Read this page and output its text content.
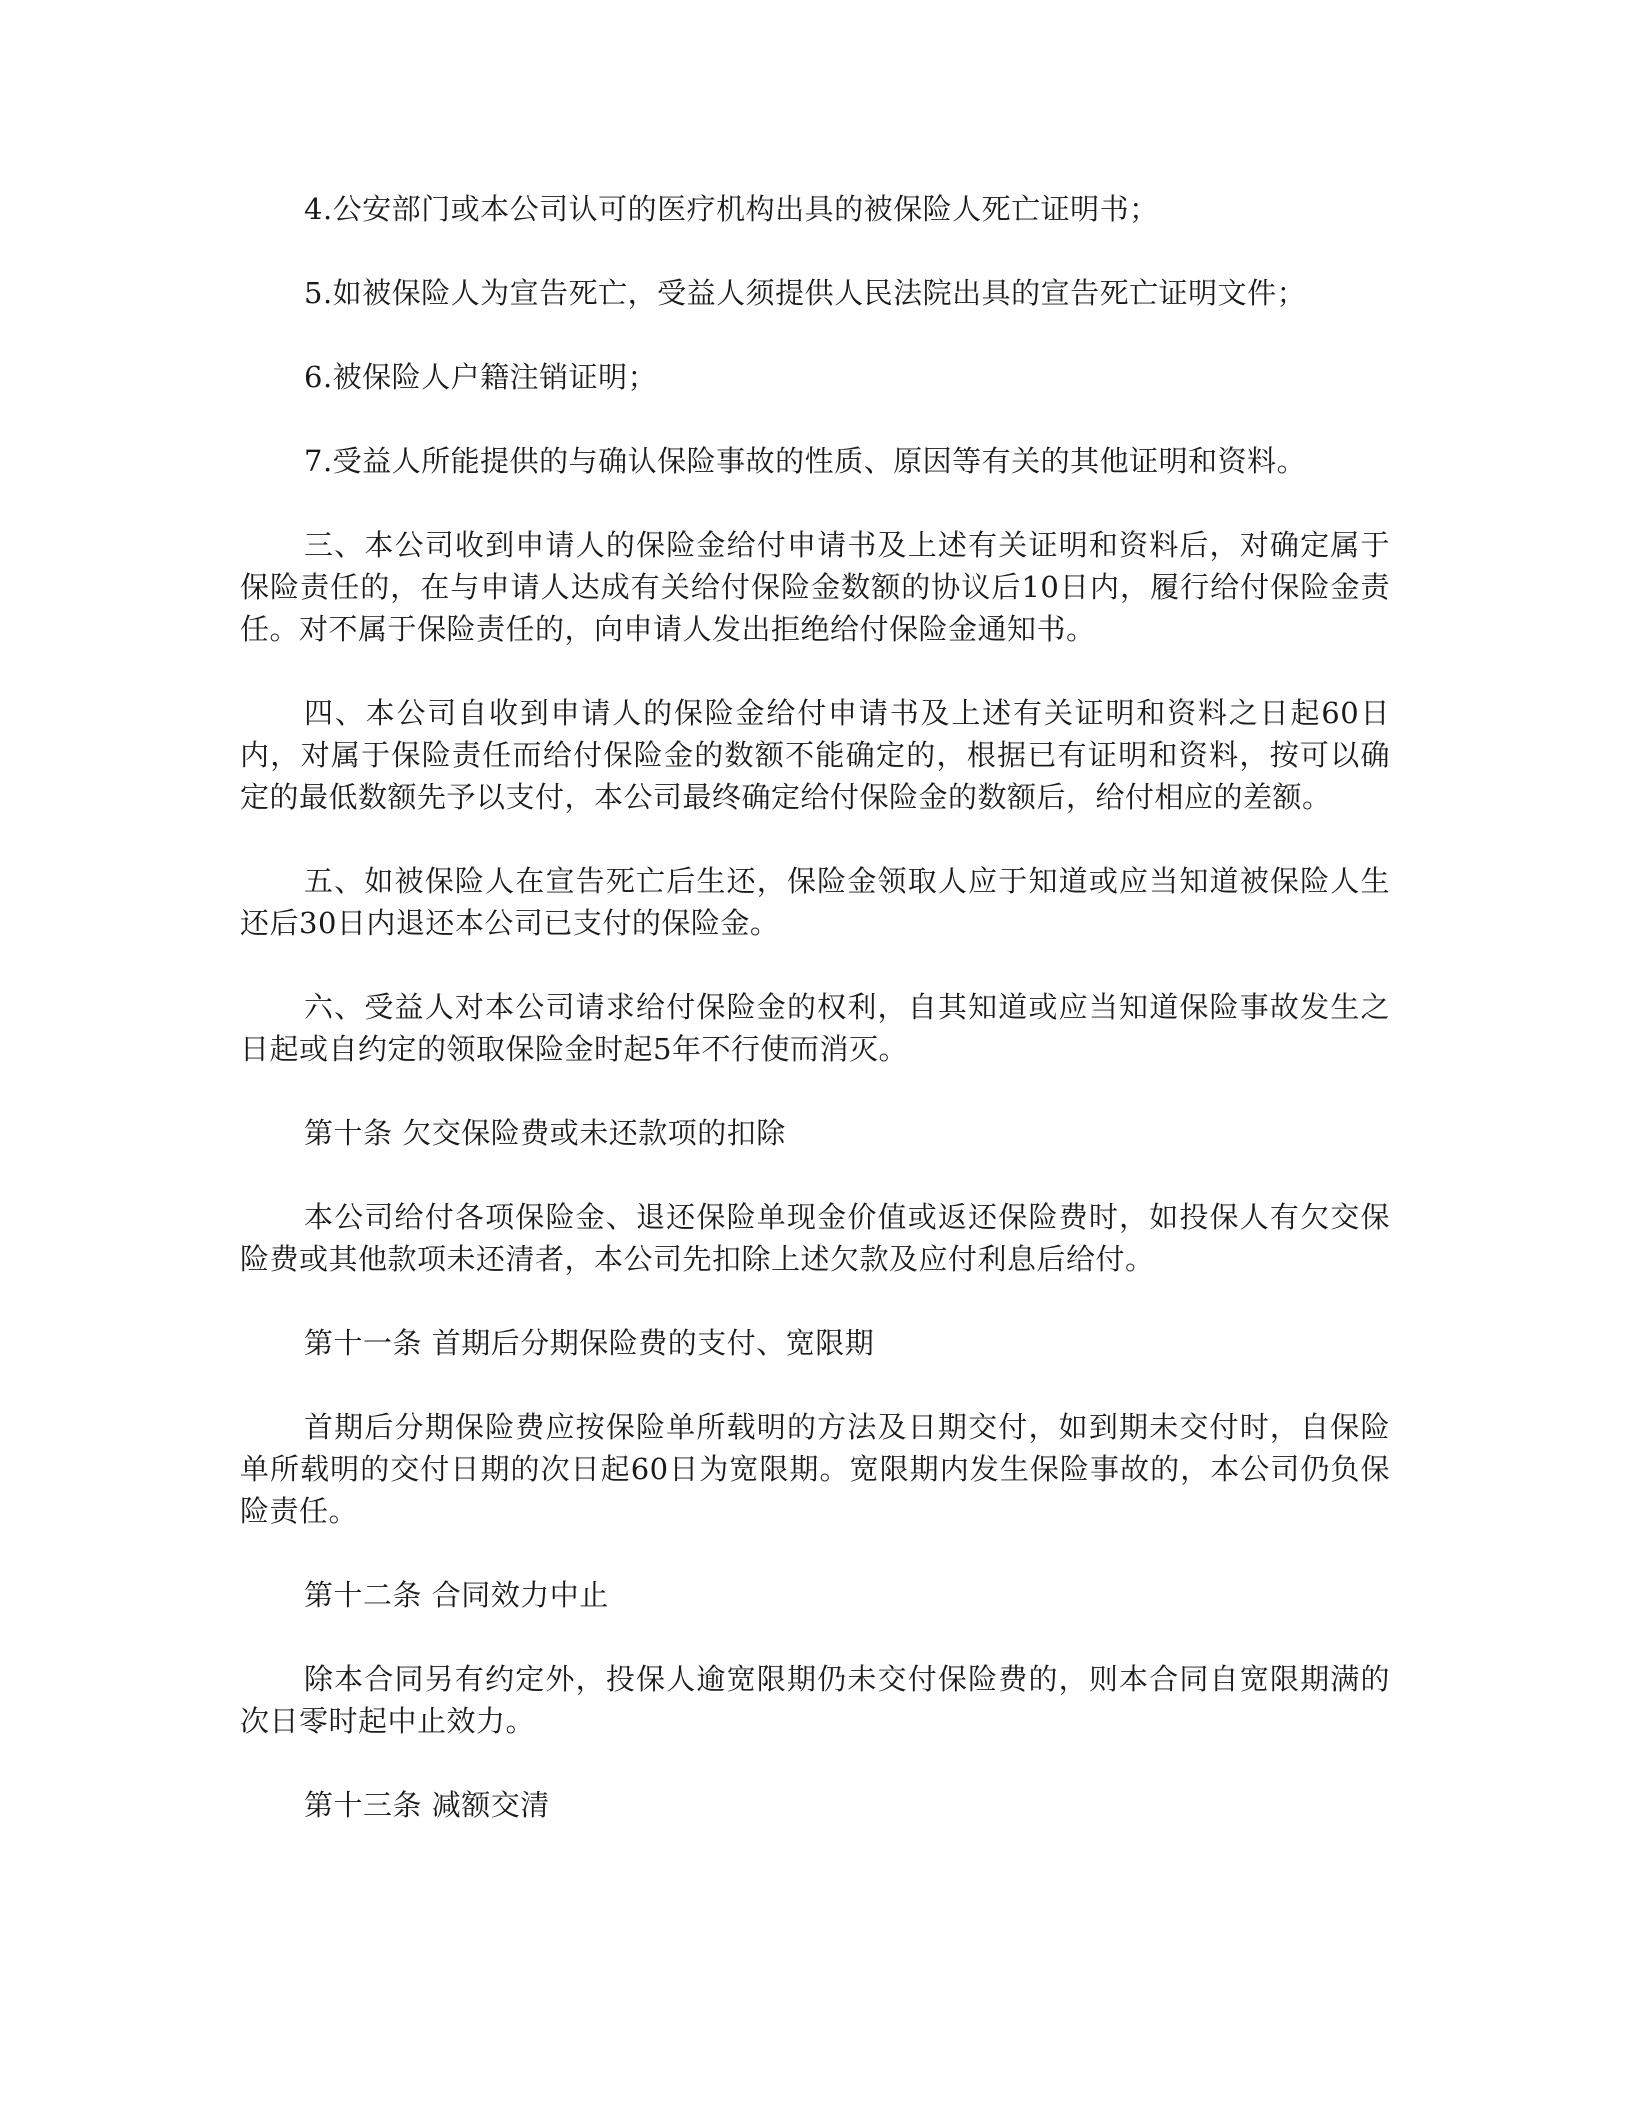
4.公安部门或本公司认可的医疗机构出具的被保险人死亡证明书；

5.如被保险人为宣告死亡，受益人须提供人民法院出具的宣告死亡证明文件；

6.被保险人户籍注销证明；

7.受益人所能提供的与确认保险事故的性质、原因等有关的其他证明和资料。

三、本公司收到申请人的保险金给付申请书及上述有关证明和资料后，对确定属于保险责任的，在与申请人达成有关给付保险金数额的协议后10日内，履行给付保险金责任。对不属于保险责任的，向申请人发出拒绝给付保险金通知书。

四、本公司自收到申请人的保险金给付申请书及上述有关证明和资料之日起60日内，对属于保险责任而给付保险金的数额不能确定的，根据已有证明和资料，按可以确定的最低数额先予以支付，本公司最终确定给付保险金的数额后，给付相应的差额。

五、如被保险人在宣告死亡后生还，保险金领取人应于知道或应当知道被保险人生还后30日内退还本公司已支付的保险金。

六、受益人对本公司请求给付保险金的权利，自其知道或应当知道保险事故发生之日起或自约定的领取保险金时起5年不行使而消灭。

第十条 欠交保险费或未还款项的扣除

本公司给付各项保险金、退还保险单现金价值或返还保险费时，如投保人有欠交保险费或其他款项未还清者，本公司先扣除上述欠款及应付利息后给付。

第十一条 首期后分期保险费的支付、宽限期

首期后分期保险费应按保险单所载明的方法及日期交付，如到期未交付时，自保险单所载明的交付日期的次日起60日为宽限期。宽限期内发生保险事故的，本公司仍负保险责任。

第十二条 合同效力中止

除本合同另有约定外，投保人逾宽限期仍未交付保险费的，则本合同自宽限期满的次日零时起中止效力。

第十三条 减额交清
